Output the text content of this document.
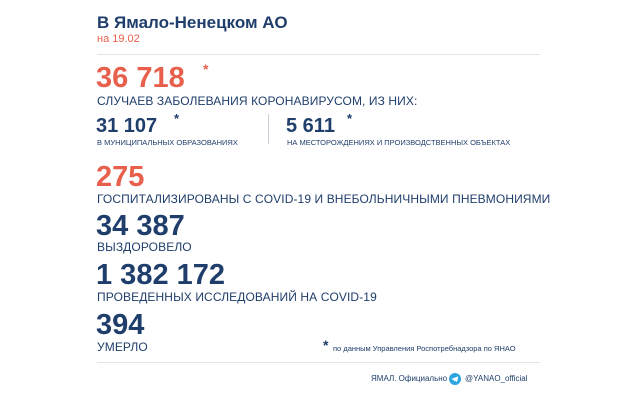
В Ямало-Ненецком АО
на 19.02
36 718 *
СЛУЧАЕВ ЗАБОЛЕВАНИЯ КОРОНАВИРУСОМ, ИЗ НИХ:
31 107 *
В МУНИЦИПАЛЬНЫХ ОБРАЗОВАНИЯХ
5 611 *
НА МЕСТОРОЖДЕНИЯХ И ПРОИЗВОДСТВЕННЫХ ОБЪЕКТАХ
275
ГОСПИТАЛИЗИРОВАНЫ С COVID-19 И ВНЕБОЛЬНИЧНЫМИ ПНЕВМОНИЯМИ
34 387
ВЫЗДОРОВЕЛО
1 382 172
ПРОВЕДЕННЫХ ИССЛЕДОВАНИЙ НА COVID-19
394
УМЕРЛО	* по данным Управления Роспотребнадзора по ЯНАО
ЯМАЛ. Официально @YANAO_official
